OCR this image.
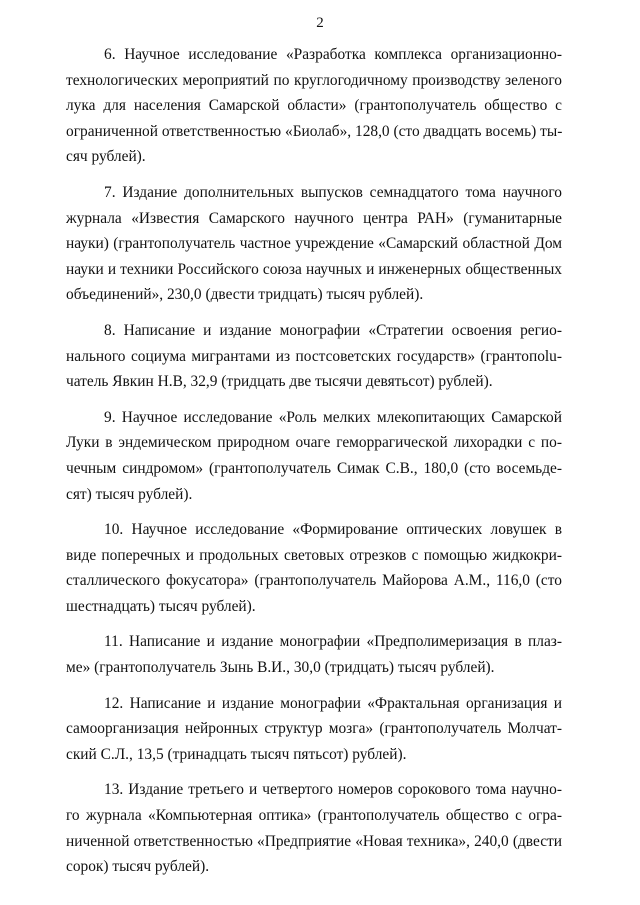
2
6. Научное исследование «Разработка комплекса организационно-
технологических мероприятий по круглогодичному производству зеленого
лука для населения Самарской области» (грантополучатель общество с
ограниченной ответственностью «Биолаб», 128,0 (сто двадцать восемь) ты-
сяч рублей).
7. Издание дополнительных выпусков семнадцатого тома научного
журнала «Известия Самарского научного центра РАН» (гуманитарные
науки) (грантополучатель частное учреждение «Самарский областной Дом
науки и техники Российского союза научных и инженерных общественных
объединений», 230,0 (двести тридцать) тысяч рублей).
8. Написание и издание монографии «Стратегии освоения регио-
нального социума мигрантами из постсоветских государств» (грантопolu-
чатель Явкин Н.В, 32,9 (тридцать две тысячи девятьсот) рублей).
9. Научное исследование «Роль мелких млекопитающих Самарской
Луки в эндемическом природном очаге геморрагической лихорадки с по-
чечным синдромом» (грантополучатель Симак С.В., 180,0 (сто восемьде-
сят) тысяч рублей).
10. Научное исследование «Формирование оптических ловушек в
виде поперечных и продольных световых отрезков с помощью жидкокри-
сталлического фокусатора» (грантополучатель Майорова А.М., 116,0 (сто
шестнадцать) тысяч рублей).
11. Написание и издание монографии «Предполимеризация в плаз-
ме» (грантополучатель Зынь В.И., 30,0 (тридцать) тысяч рублей).
12. Написание и издание монографии «Фрактальная организация и
самоорганизация нейронных структур мозга» (грантополучатель Молчат-
ский С.Л., 13,5 (тринадцать тысяч пятьсот) рублей).
13. Издание третьего и четвертого номеров сорокового тома научно-
го журнала «Компьютерная оптика» (грантополучатель общество с огра-
ниченной ответственностью «Предприятие «Новая техника», 240,0 (двести
сорок) тысяч рублей).
